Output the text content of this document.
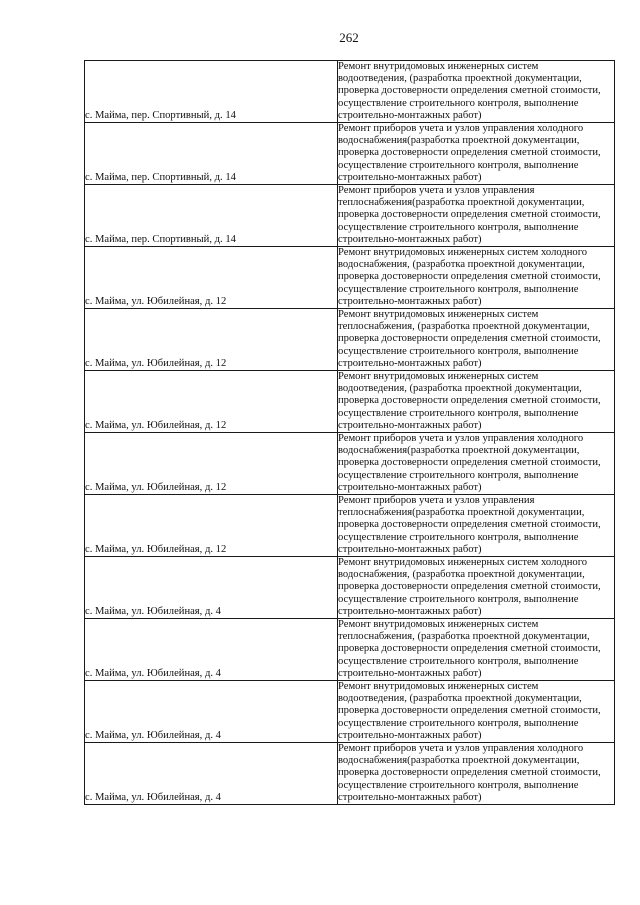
262
с. Майма, пер. Спортивный, д. 14	Ремонт внутридомовых инженерных систем
водоотведения, (разработка проектной документации,
проверка достоверности определения сметной стоимости,
осуществление строительного контроля, выполнение
строительно-монтажных работ)

с. Майма, пер. Спортивный, д. 14	Ремонт приборов учета и узлов управления холодного
водоснабжения(разработка проектной документации,
проверка достоверности определения сметной стоимости,
осуществление строительного контроля, выполнение
строительно-монтажных работ)

с. Майма, пер. Спортивный, д. 14	Ремонт приборов учета и узлов управления
теплоснабжения(разработка проектной документации,
проверка достоверности определения сметной стоимости,
осуществление строительного контроля, выполнение
строительно-монтажных работ)

с. Майма, ул. Юбилейная, д. 12	Ремонт внутридомовых инженерных систем холодного
водоснабжения, (разработка проектной документации,
проверка достоверности определения сметной стоимости,
осуществление строительного контроля, выполнение
строительно-монтажных работ)

с. Майма, ул. Юбилейная, д. 12	Ремонт внутридомовых инженерных систем
теплоснабжения, (разработка проектной документации,
проверка достоверности определения сметной стоимости,
осуществление строительного контроля, выполнение
строительно-монтажных работ)

с. Майма, ул. Юбилейная, д. 12	Ремонт внутридомовых инженерных систем
водоотведения, (разработка проектной документации,
проверка достоверности определения сметной стоимости,
осуществление строительного контроля, выполнение
строительно-монтажных работ)

с. Майма, ул. Юбилейная, д. 12	Ремонт приборов учета и узлов управления холодного
водоснабжения(разработка проектной документации,
проверка достоверности определения сметной стоимости,
осуществление строительного контроля, выполнение
строительно-монтажных работ)

с. Майма, ул. Юбилейная, д. 12	Ремонт приборов учета и узлов управления
теплоснабжения(разработка проектной документации,
проверка достоверности определения сметной стоимости,
осуществление строительного контроля, выполнение
строительно-монтажных работ)

с. Майма, ул. Юбилейная, д. 4	Ремонт внутридомовых инженерных систем холодного
водоснабжения, (разработка проектной документации,
проверка достоверности определения сметной стоимости,
осуществление строительного контроля, выполнение
строительно-монтажных работ)

с. Майма, ул. Юбилейная, д. 4	Ремонт внутридомовых инженерных систем
теплоснабжения, (разработка проектной документации,
проверка достоверности определения сметной стоимости,
осуществление строительного контроля, выполнение
строительно-монтажных работ)

с. Майма, ул. Юбилейная, д. 4	Ремонт внутридомовых инженерных систем
водоотведения, (разработка проектной документации,
проверка достоверности определения сметной стоимости,
осуществление строительного контроля, выполнение
строительно-монтажных работ)

с. Майма, ул. Юбилейная, д. 4	Ремонт приборов учета и узлов управления холодного
водоснабжения(разработка проектной документации,
проверка достоверности определения сметной стоимости,
осуществление строительного контроля, выполнение
строительно-монтажных работ)
